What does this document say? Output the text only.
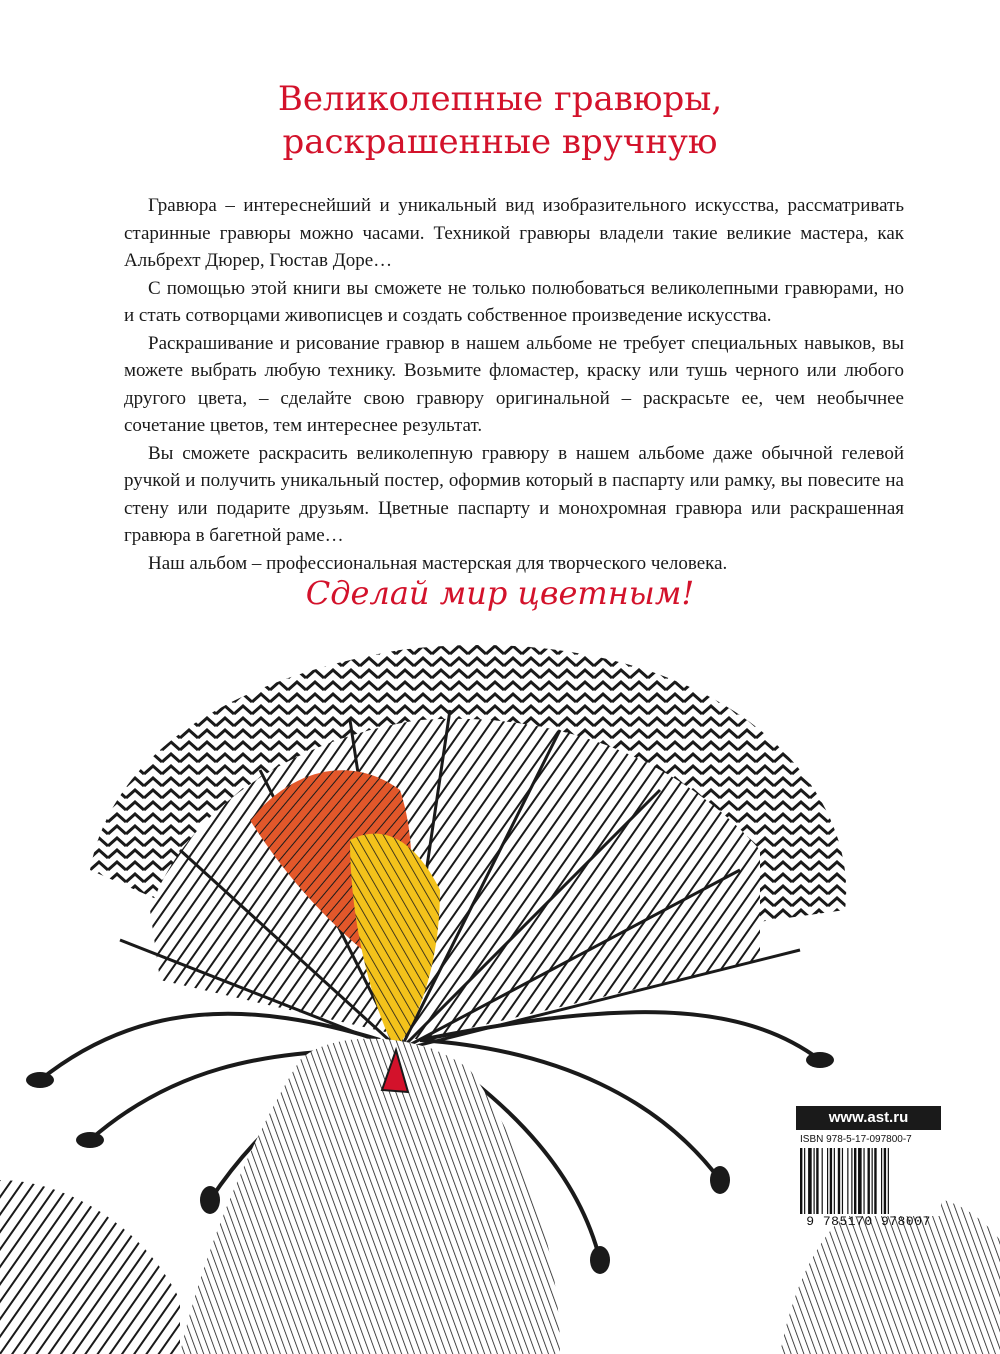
Великолепные гравюры,
раскрашенные вручную

Гравюра – интереснейший и уникальный вид изобразительного искусства, рассматривать старинные гравюры можно часами. Техникой гравюры владели такие великие мастера, как Альбрехт Дюрер, Гюстав Доре…

С помощью этой книги вы сможете не только полюбоваться великолепными гравюрами, но и стать сотворцами живописцев и создать собственное произведение искусства.

Раскрашивание и рисование гравюр в нашем альбоме не требует специальных навыков, вы можете выбрать любую технику. Возьмите фломастер, краску или тушь черного или любого другого цвета, – сделайте свою гравюру оригинальной – раскрасьте ее, чем необычнее сочетание цветов, тем интереснее результат.

Вы сможете раскрасить великолепную гравюру в нашем альбоме даже обычной гелевой ручкой и получить уникальный постер, оформив который в паспарту или рамку, вы повесите на стену или подарите друзьям. Цветные паспарту и монохромная гравюра или раскрашенная гравюра в багетной раме…

Наш альбом – профессиональная мастерская для творческого человека.

Сделай мир цветным!
www.ast.ru
ISBN 978-5-17-097800-7
9 785170 978007
